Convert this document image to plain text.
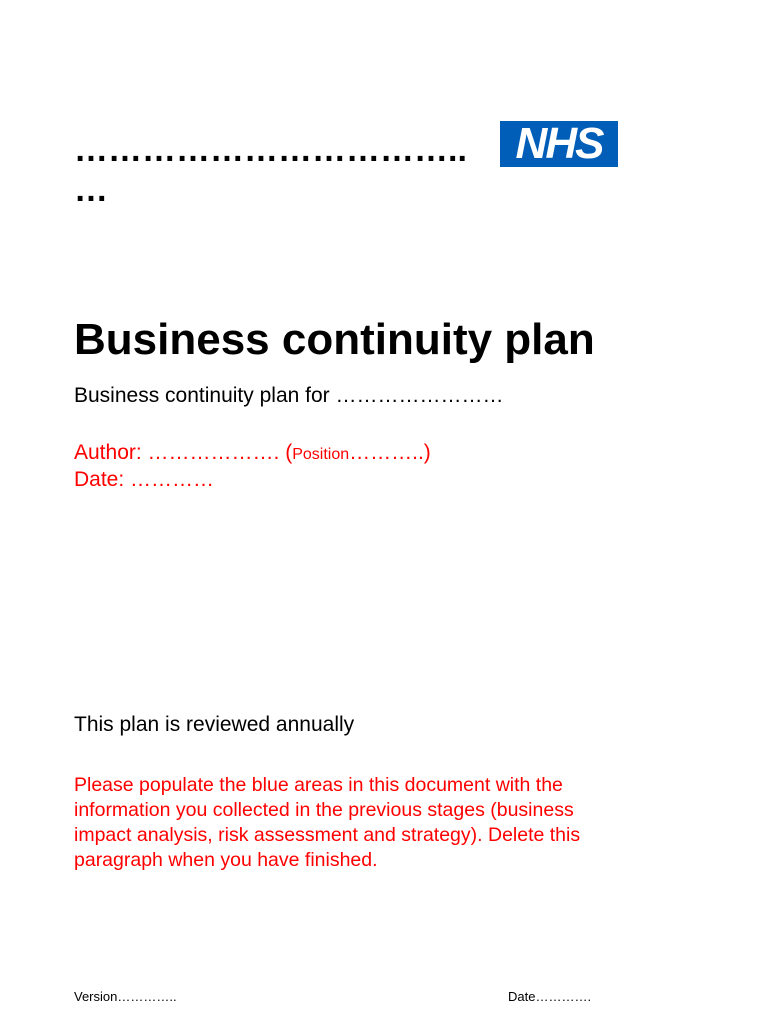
……………………………..
…
NHS
Business continuity plan
Business continuity plan for ……………………
Author: ………………. (Position………..)
Date: …………
This plan is reviewed annually
Please populate the blue areas in this document with the
information you collected in the previous stages (business
impact analysis, risk assessment and strategy). Delete this
paragraph when you have finished.
Version…………..	Date………….
